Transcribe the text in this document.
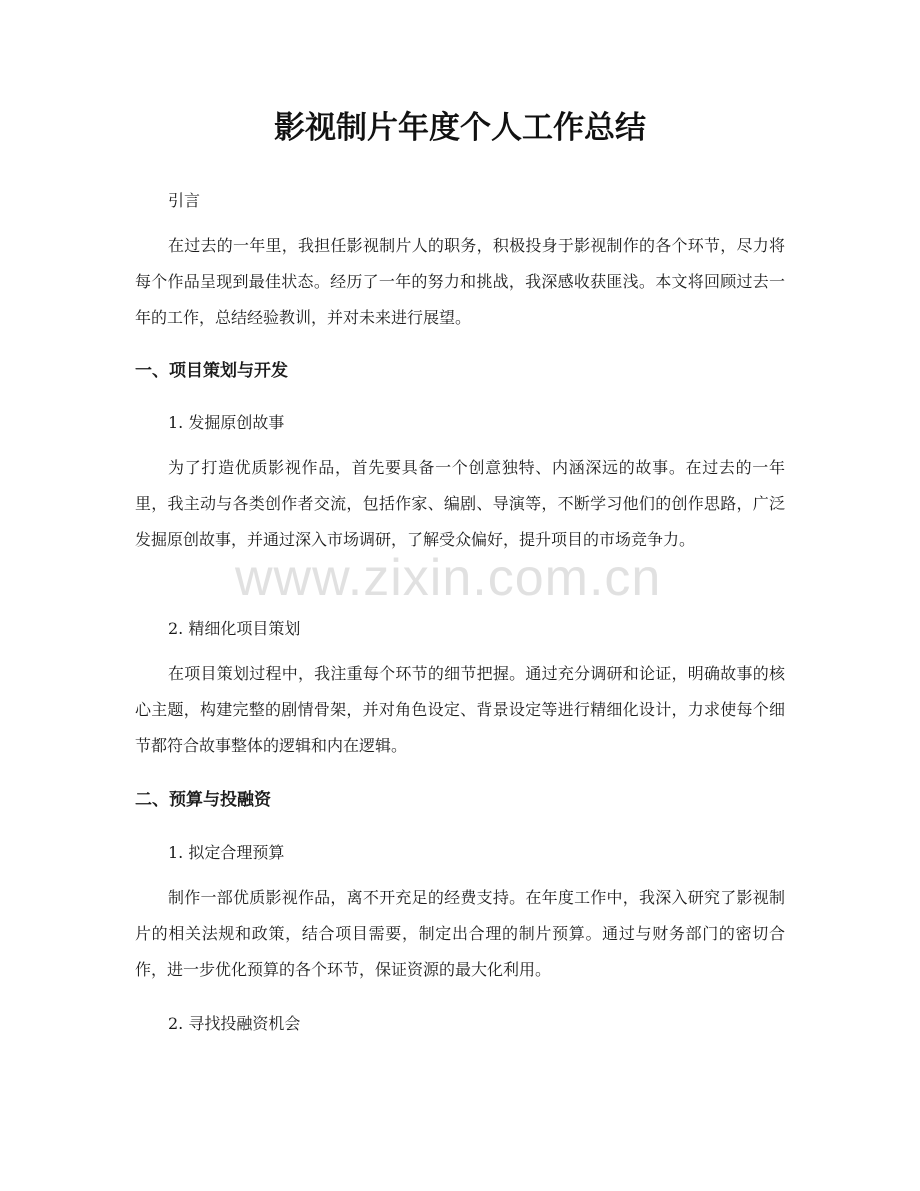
影视制片年度个人工作总结

引言

在过去的一年里，我担任影视制片人的职务，积极投身于影视制作的各个环节，尽力将每个作品呈现到最佳状态。经历了一年的努力和挑战，我深感收获匪浅。本文将回顾过去一年的工作，总结经验教训，并对未来进行展望。

一、项目策划与开发

1. 发掘原创故事

为了打造优质影视作品，首先要具备一个创意独特、内涵深远的故事。在过去的一年里，我主动与各类创作者交流，包括作家、编剧、导演等，不断学习他们的创作思路，广泛发掘原创故事，并通过深入市场调研，了解受众偏好，提升项目的市场竞争力。

2. 精细化项目策划

在项目策划过程中，我注重每个环节的细节把握。通过充分调研和论证，明确故事的核心主题，构建完整的剧情骨架，并对角色设定、背景设定等进行精细化设计，力求使每个细节都符合故事整体的逻辑和内在逻辑。

二、预算与投融资

1. 拟定合理预算

制作一部优质影视作品，离不开充足的经费支持。在年度工作中，我深入研究了影视制片的相关法规和政策，结合项目需要，制定出合理的制片预算。通过与财务部门的密切合作，进一步优化预算的各个环节，保证资源的最大化利用。

2. 寻找投融资机会

www.zixin.com.cn
